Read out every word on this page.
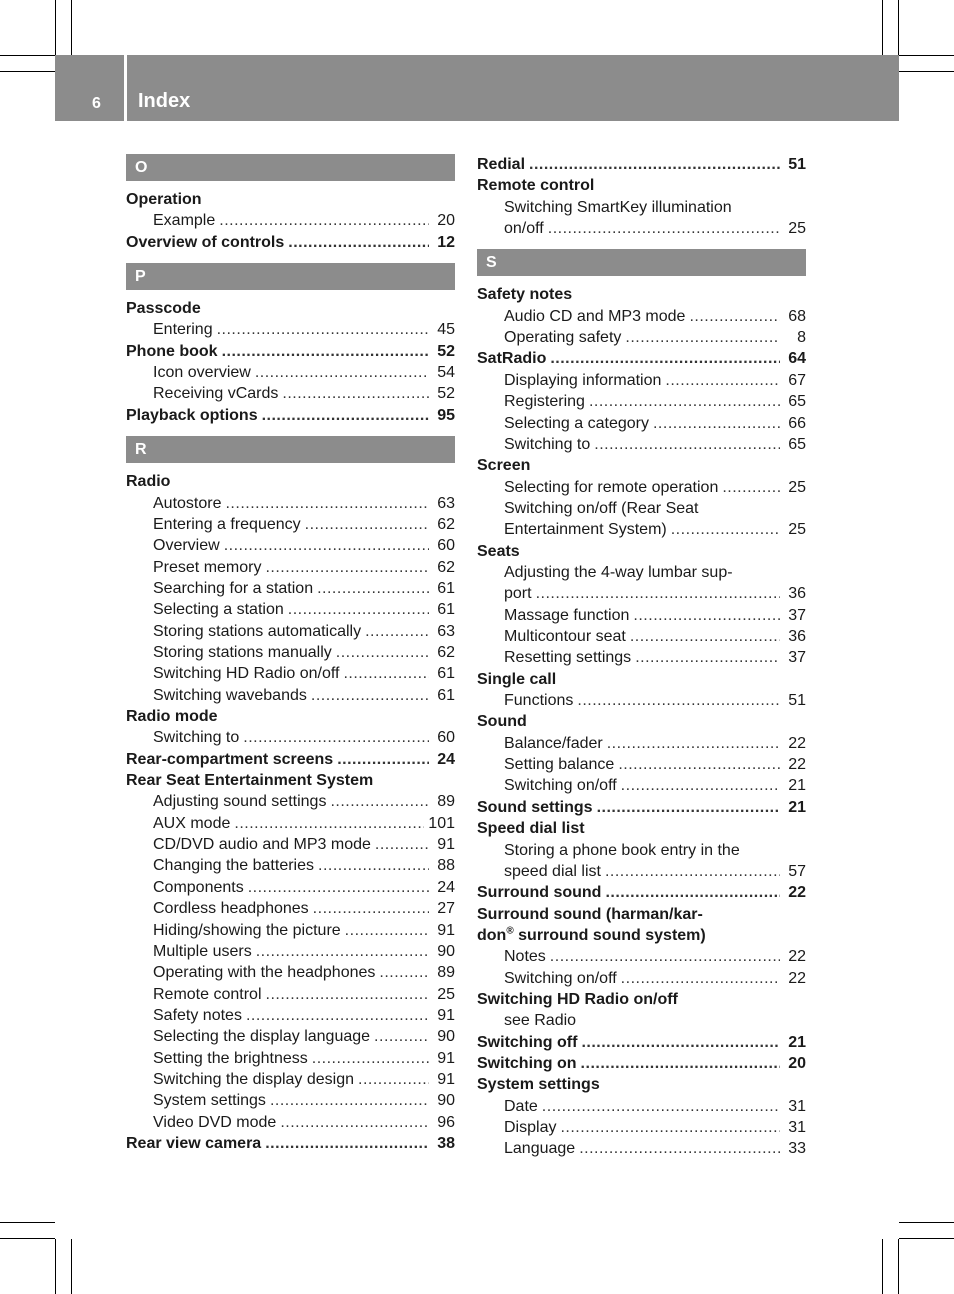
6 Index
O
Operation
Example .....	20
Overview of controls .....	12
P
Passcode
Entering .....	45
Phone book .....	52
Icon overview .....	54
Receiving vCards .....	52
Playback options .....	95
R
Radio
Autostore .....	63
Entering a frequency .....	62
Overview .....	60
Preset memory .....	62
Searching for a station .....	61
Selecting a station .....	61
Storing stations automatically .....	63
Storing stations manually .....	62
Switching HD Radio on/off .....	61
Switching wavebands .....	61
Radio mode
Switching to .....	60
Rear-compartment screens .....	24
Rear Seat Entertainment System
Adjusting sound settings .....	89
AUX mode .....	101
CD/DVD audio and MP3 mode .....	91
Changing the batteries .....	88
Components .....	24
Cordless headphones .....	27
Hiding/showing the picture .....	91
Multiple users .....	90
Operating with the headphones .....	89
Remote control .....	25
Safety notes .....	91
Selecting the display language .....	90
Setting the brightness .....	91
Switching the display design .....	91
System settings .....	90
Video DVD mode .....	96
Rear view camera .....	38
Redial .....	51
Remote control
Switching SmartKey illumination
on/off .....	25
S
Safety notes
Audio CD and MP3 mode .....	68
Operating safety .....	8
SatRadio .....	64
Displaying information .....	67
Registering .....	65
Selecting a category .....	66
Switching to .....	65
Screen
Selecting for remote operation .....	25
Switching on/off (Rear Seat
Entertainment System) .....	25
Seats
Adjusting the 4-way lumbar sup-
port .....	36
Massage function .....	37
Multicontour seat .....	36
Resetting settings .....	37
Single call
Functions .....	51
Sound
Balance/fader .....	22
Setting balance .....	22
Switching on/off .....	21
Sound settings .....	21
Speed dial list
Storing a phone book entry in the
speed dial list .....	57
Surround sound .....	22
Surround sound (harman/kar-
don® surround sound system)
Notes .....	22
Switching on/off .....	22
Switching HD Radio on/off
see Radio
Switching off .....	21
Switching on .....	20
System settings
Date .....	31
Display .....	31
Language .....	33
